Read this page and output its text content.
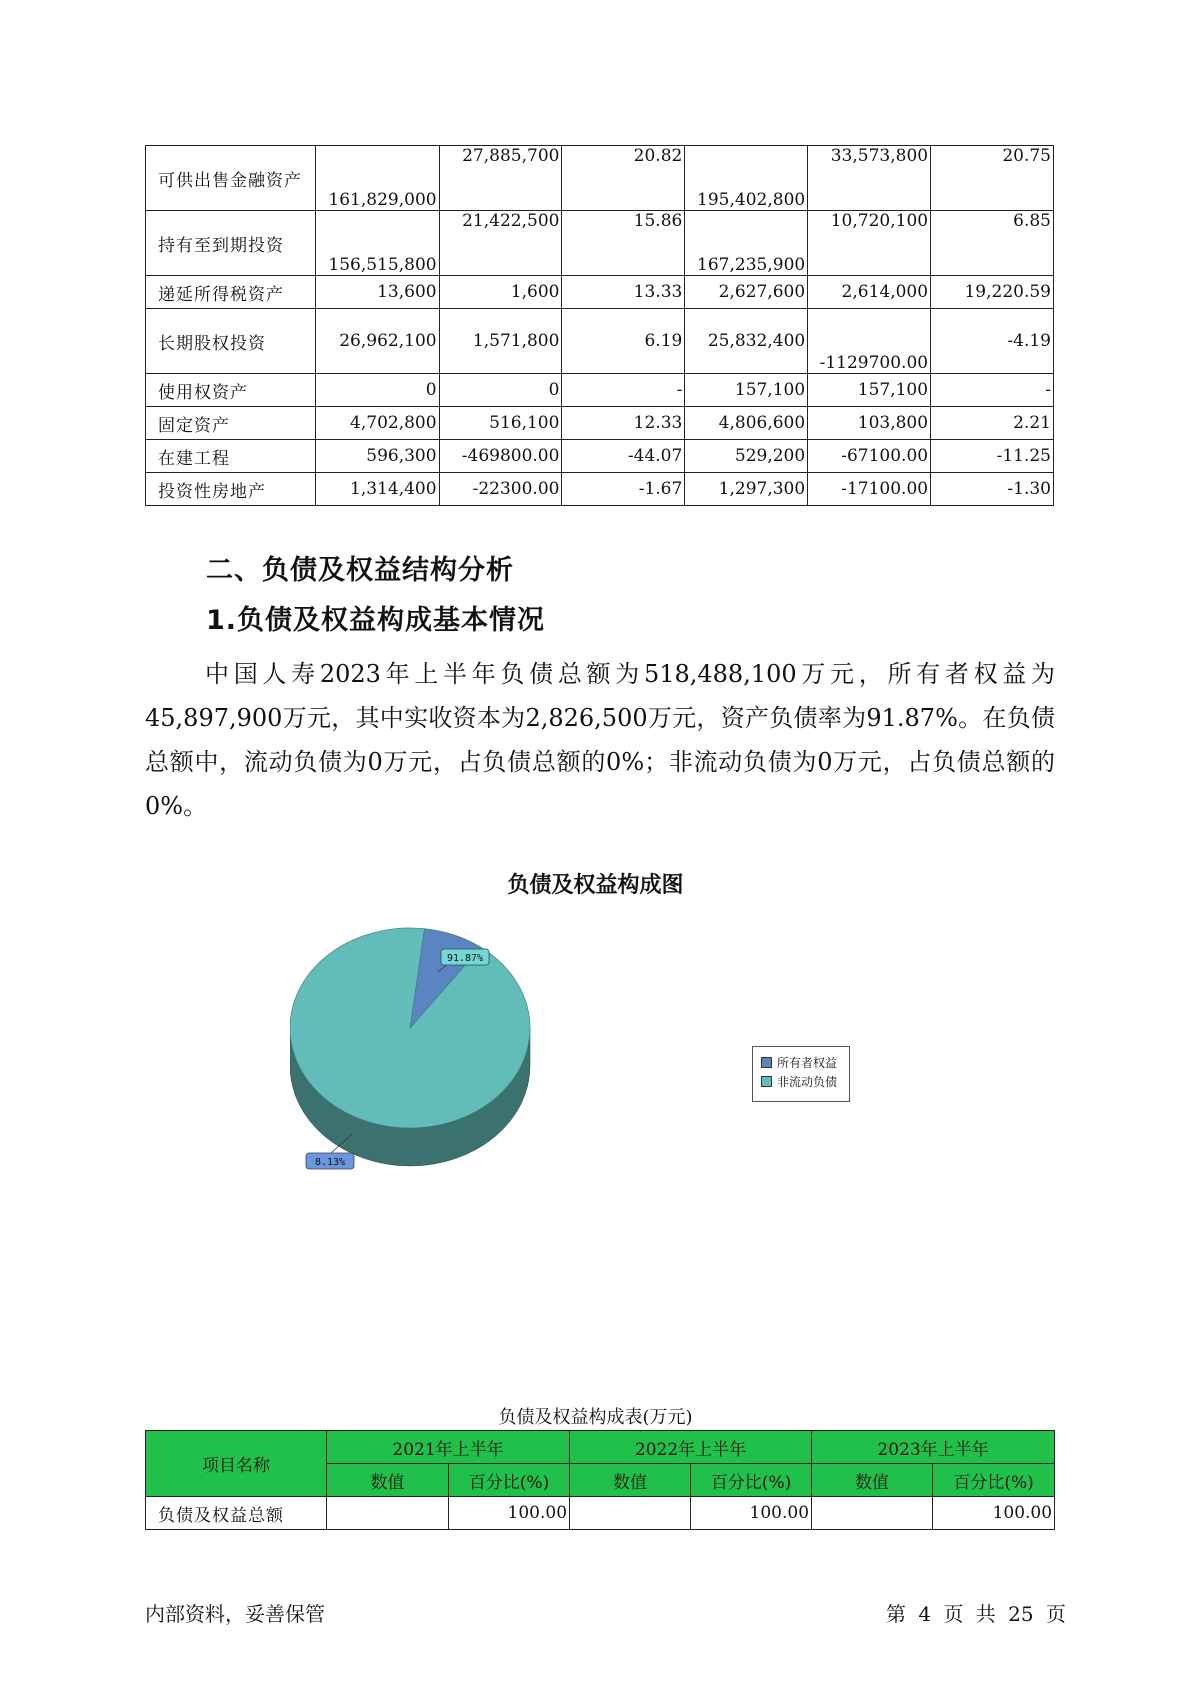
可供出售金融资产	161,829,000	27,885,700	20.82	195,402,800	33,573,800	20.75
持有至到期投资	156,515,800	21,422,500	15.86	167,235,900	10,720,100	6.85
递延所得税资产	13,600	1,600	13.33	2,627,600	2,614,000	19,220.59
长期股权投资	26,962,100	1,571,800	6.19	25,832,400	-1129700.00	-4.19
使用权资产	0	0	-	157,100	157,100	-
固定资产	4,702,800	516,100	12.33	4,806,600	103,800	2.21
在建工程	596,300	-469800.00	-44.07	529,200	-67100.00	-11.25
投资性房地产	1,314,400	-22300.00	-1.67	1,297,300	-17100.00	-1.30
二、负债及权益结构分析
1.负债及权益构成基本情况

中国人寿2023年上半年负债总额为518,488,100万元，所有者权益为45,897,900万元，其中实收资本为2,826,500万元，资产负债率为91.87%。在负债总额中，流动负债为0万元，占负债总额的0%；非流动负债为0万元，占负债总额的0%。

负债及权益构成图
8.13%
91.87%
所有者权益
非流动负债
负债及权益构成表(万元)
项目名称	2021年上半年		2022年上半年		2023年上半年	
	数值	百分比(%)	数值	百分比(%)	数值	百分比(%)
负债及权益总额		100.00		100.00		100.00
内部资料，妥善保管	第 4 页 共 25 页
